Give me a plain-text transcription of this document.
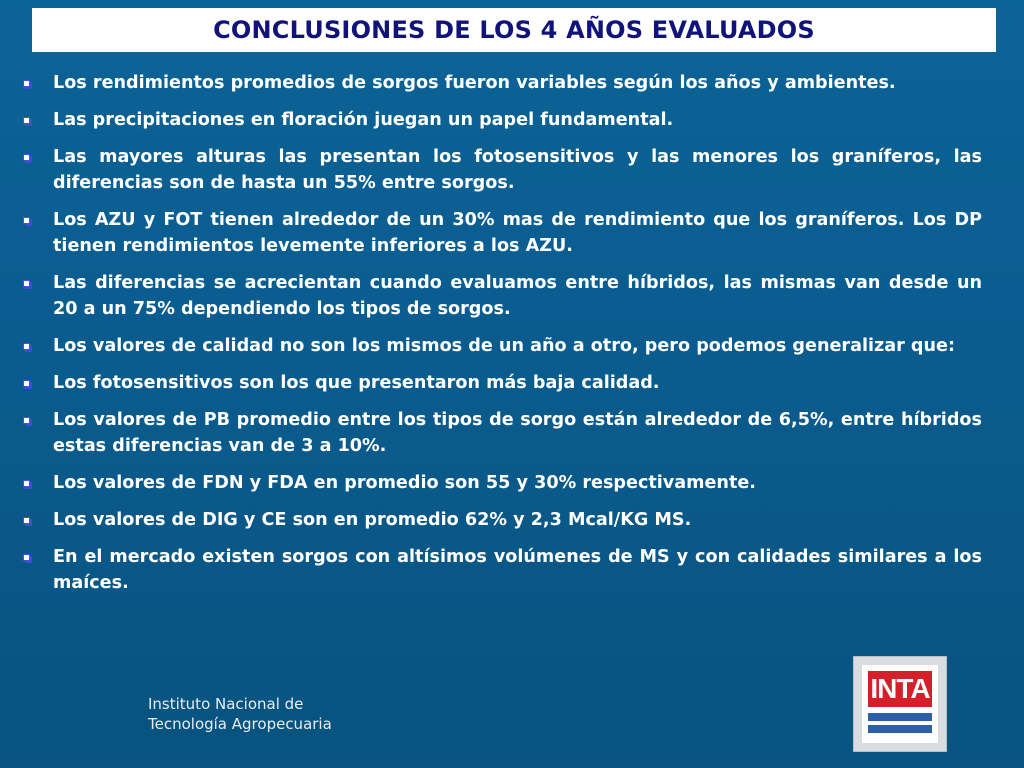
CONCLUSIONES DE LOS 4 AÑOS EVALUADOS
Los rendimientos promedios de sorgos fueron variables según los años y ambientes.
Las precipitaciones en floración juegan un papel fundamental.
Las mayores alturas las presentan los fotosensitivos y las menores los graníferos, las diferencias son de hasta un 55% entre sorgos.
Los AZU y FOT tienen alrededor de un 30% mas de rendimiento que los graníferos. Los DP tienen rendimientos levemente inferiores a los AZU.
Las diferencias se acrecientan cuando evaluamos entre híbridos, las mismas van desde un 20 a un 75% dependiendo los tipos de sorgos.
Los valores de calidad no son los mismos de un año a otro, pero podemos generalizar que:
Los fotosensitivos son los que presentaron más baja calidad.
Los valores de PB promedio entre los tipos de sorgo están alrededor de 6,5%, entre híbridos estas diferencias van de 3 a 10%.
Los valores de FDN y FDA en promedio son 55 y 30% respectivamente.
Los valores de DIG y CE son en promedio 62% y 2,3 Mcal/KG MS.
En el mercado existen sorgos con altísimos volúmenes de MS y con calidades similares a los maíces.
Instituto Nacional de
Tecnología Agropecuaria
INTA
